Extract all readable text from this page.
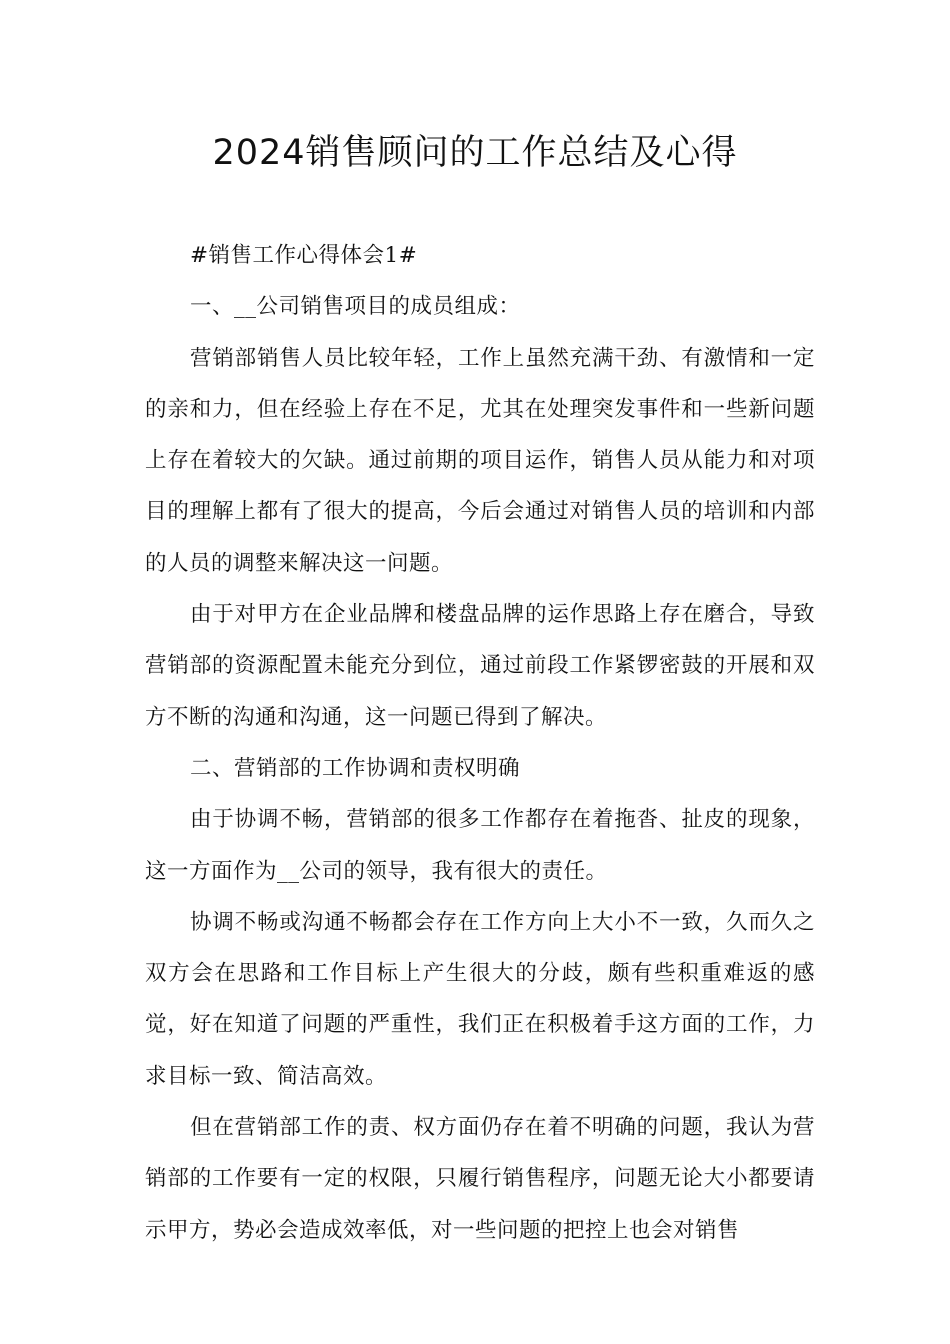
2024销售顾问的工作总结及心得

#销售工作心得体会1#

一、__公司销售项目的成员组成：

营销部销售人员比较年轻，工作上虽然充满干劲、有激情和一定的亲和力，但在经验上存在不足，尤其在处理突发事件和一些新问题上存在着较大的欠缺。通过前期的项目运作，销售人员从能力和对项目的理解上都有了很大的提高，今后会通过对销售人员的培训和内部的人员的调整来解决这一问题。

由于对甲方在企业品牌和楼盘品牌的运作思路上存在磨合，导致营销部的资源配置未能充分到位，通过前段工作紧锣密鼓的开展和双方不断的沟通和沟通，这一问题已得到了解决。

二、营销部的工作协调和责权明确

由于协调不畅，营销部的很多工作都存在着拖沓、扯皮的现象，这一方面作为__公司的领导，我有很大的责任。

协调不畅或沟通不畅都会存在工作方向上大小不一致，久而久之双方会在思路和工作目标上产生很大的分歧，颇有些积重难返的感觉，好在知道了问题的严重性，我们正在积极着手这方面的工作，力求目标一致、简洁高效。

但在营销部工作的责、权方面仍存在着不明确的问题，我认为营销部的工作要有一定的权限，只履行销售程序，问题无论大小都要请示甲方，势必会造成效率低，对一些问题的把控上也会对销售
